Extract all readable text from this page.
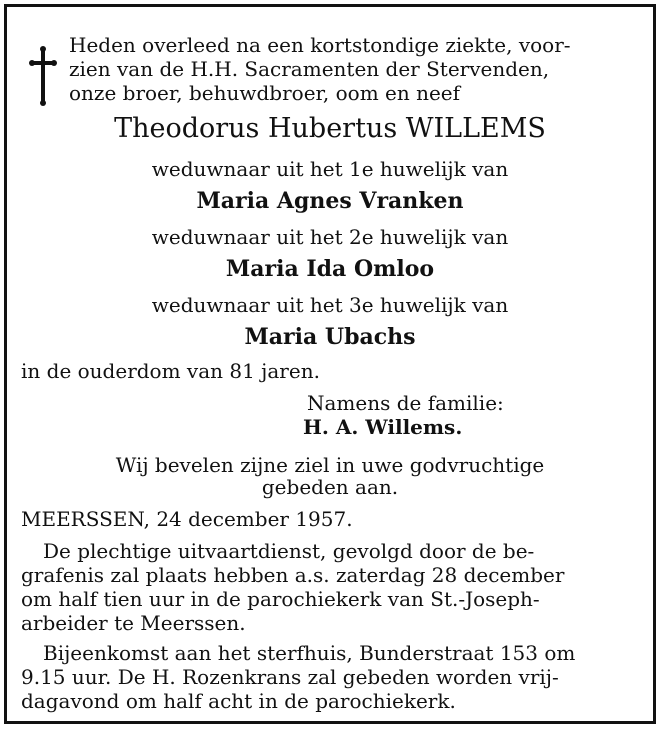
Heden overleed na een kortstondige ziekte, voor-
zien van de H.H. Sacramenten der Stervenden,
onze broer, behuwdbroer, oom en neef
Theodorus Hubertus WILLEMS
weduwnaar uit het 1e huwelijk van
Maria Agnes Vranken
weduwnaar uit het 2e huwelijk van
Maria Ida Omloo
weduwnaar uit het 3e huwelijk van
Maria Ubachs
in de ouderdom van 81 jaren.
Namens de familie:
H. A. Willems.
Wij bevelen zijne ziel in uwe godvruchtige
gebeden aan.
MEERSSEN, 24 december 1957.
De plechtige uitvaartdienst, gevolgd door de be-
grafenis zal plaats hebben a.s. zaterdag 28 december
om half tien uur in de parochiekerk van St.-Joseph-
arbeider te Meerssen.
Bijeenkomst aan het sterfhuis, Bunderstraat 153 om
9.15 uur. De H. Rozenkrans zal gebeden worden vrij-
dagavond om half acht in de parochiekerk.
